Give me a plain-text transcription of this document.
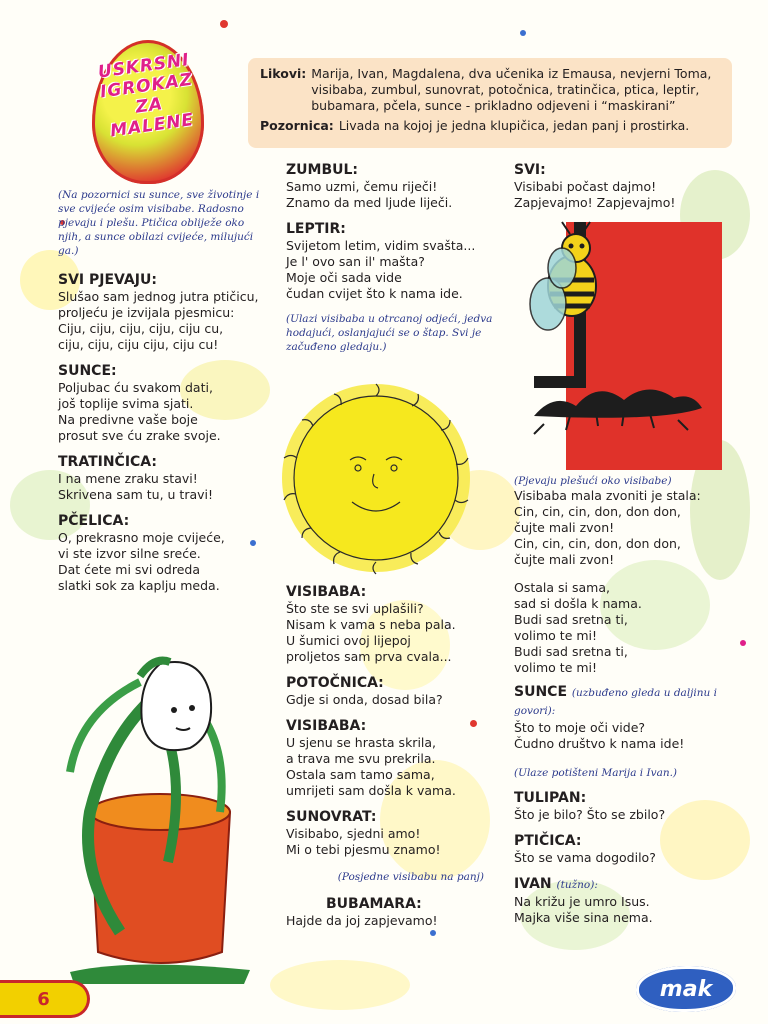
USKRSNI IGROKAZ ZA MALENE
Likovi: Marija, Ivan, Magdalena, dva učenika iz Emausa, nevjerni Toma, visibaba, zumbul, sunovrat, potočnica, tratinčica, ptica, leptir, bubamara, pčela, sunce - prikladno odjeveni i “maskirani”
Pozornica: Livada na kojoj je jedna klupičica, jedan panj i prostirka.
(Na pozornici su sunce, sve životinje i sve cvijeće osim visibabe. Radosno pjevaju i plešu. Ptičica obliježe oko njih, a sunce obilazi cvijeće, milujući ga.)
SVI PJEVAJU:
Slušao sam jednog jutra ptičicu,
proljeću je izvijala pjesmicu:
Ciju, ciju, ciju, ciju, ciju cu,
ciju, ciju, ciju ciju, ciju cu!
SUNCE:
Poljubac ću svakom dati,
još toplije svima sjati.
Na predivne vaše boje
prosut sve ću zrake svoje.
TRATINČICA:
I na mene zraku stavi!
Skrivena sam tu, u travi!
PČELICA:
O, prekrasno moje cvijeće,
vi ste izvor silne sreće.
Dat ćete mi svi odreda
slatki sok za kaplju meda.
ZUMBUL:
Samo uzmi, čemu riječi!
Znamo da med ljude liječi.
LEPTIR:
Svijetom letim, vidim svašta...
Je l' ovo san il' mašta?
Moje oči sada vide
čudan cvijet što k nama ide.
(Ulazi visibaba u otrcanoj odjeći, jedva hodajući, oslanjajući se o štap. Svi je začuđeno gledaju.)
VISIBABA:
Što ste se svi uplašili?
Nisam k vama s neba pala.
U šumici ovoj lijepoj
proljetos sam prva cvala...
POTOČNICA:
Gdje si onda, dosad bila?
VISIBABA:
U sjenu se hrasta skrila,
a trava me svu prekrila.
Ostala sam tamo sama,
umrijeti sam došla k vama.
SUNOVRAT:
Visibabo, sjedni amo!
Mi o tebi pjesmu znamo!
(Posjedne visibabu na panj)
BUBAMARA:
Hajde da joj zapjevamo!
SVI:
Visibabi počast dajmo!
Zapjevajmo! Zapjevajmo!
(Pjevaju plešući oko visibabe)
Visibaba mala zvoniti je stala:
Cin, cin, cin, don, don don,
čujte mali zvon!
Cin, cin, cin, don, don don,
čujte mali zvon!
Ostala si sama,
sad si došla k nama.
Budi sad sretna ti,
volimo te mi!
Budi sad sretna ti,
volimo te mi!
SUNCE (uzbuđeno gleda u daljinu i govori):
Što to moje oči vide?
Čudno društvo k nama ide!
(Ulaze potišteni Marija i Ivan.)
TULIPAN:
Što je bilo? Što se zbilo?
PTIČICA:
Što se vama dogodilo?
IVAN (tužno):
Na križu je umro Isus.
Majka više sina nema.
6	mak
